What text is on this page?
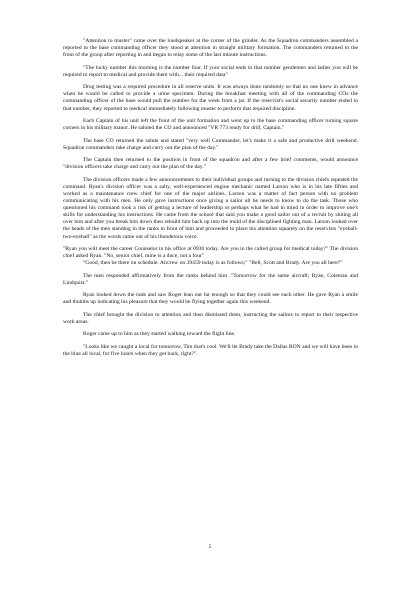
"Attention to muster" came over the loudspeaker at the corner of the grinder. As the Squadron commanders assembled a reported to the base commanding officer they stood at attention in straight military formation. The commanders returned to the front of the group after reporting in and began to relay some of the last minute instructions.

"The lucky number this morning is the number four. If your social ends in that number gentlemen and ladies you will be required to report to medical and provide them with... their required data"

Drug testing was a required procedure in all reserve units. It was always done randomly so that no one knew in advance when he would be called to provide a urine specimen. During the breakfast meeting with all of the commanding COs the commanding officer of the base would pull the number for the week from a jar. If the reservist's social security number ended in that number, they reported to medical immediately following muster to perform that required discipline.

Each Captain of his unit left the front of the unit formation and went up to the base commanding officer turning square corners in his military manor. He saluted the CO and announced "VR 773 ready for drill, Captain."

The base CO returned the salute and stated "very well Commander, let's make it a safe and productive drill weekend. Squadron commanders take charge and carry out the plan of the day."

The Captain then returned to the position in front of the squadron and after a few brief comments, would announce "division officers take charge and carry out the plan of the day."

The division officers made a few announcements to their individual groups and turning to the division chiefs repeated the command. Ryan's division officer was a salty, well-experienced engine mechanic named Larson who is in his late fifties and worked as a maintenance crew chief for one of the major airlines. Larson was a matter of fact person with no problem communicating with his men. He only gave instructions once giving a sailor all he needs to know to do the task. Those who questioned his command took a risk of getting a lecture of leadership or perhaps what he had in mind in order to improve one's skills for understanding his instructions. He came from the school that said you make a good sailor out of a recruit by shiting all over him and after you break him down then rebuild him back up into the mold of the disciplined fighting man. Larson looked over the heads of the men standing in the ranks in front of him and proceeded to place his attention squarely on the reservists "eyeball-two-eyeball" as the words came out of his thunderous voice.

"Ryan you will meet the career Counselor in his office at 0930 today. Are you in the called group for medical today?" The division chief asked Ryan. "No, senior chief, mine is a duce, not a four"

"Good, then be there on schedule. Aircrew on 39459 today is as follows;" "Bell, Scott and Brady. Are you all here?"

The men responded affirmatively from the ranks behind him ."Tomorrow for the same aircraft; Ryan, Coleman and Lindquist."

Ryan looked down the rank and saw Roger lean out far enough so that they could see each other. He gave Ryan a smile and thumbs up indicating his pleasure that they would be flying together again this weekend.

The chief brought the division to attention and then dismissed them, instructing the sailors to report to their respective work areas.

Roger came up to him as they started walking toward the flight line.

"Looks like we caught a local for tomorrow, Tim that's cool. We'll let Brady take the Dallas RON and we will have been in the blue all local, for five hours when they get back, right?".

5
